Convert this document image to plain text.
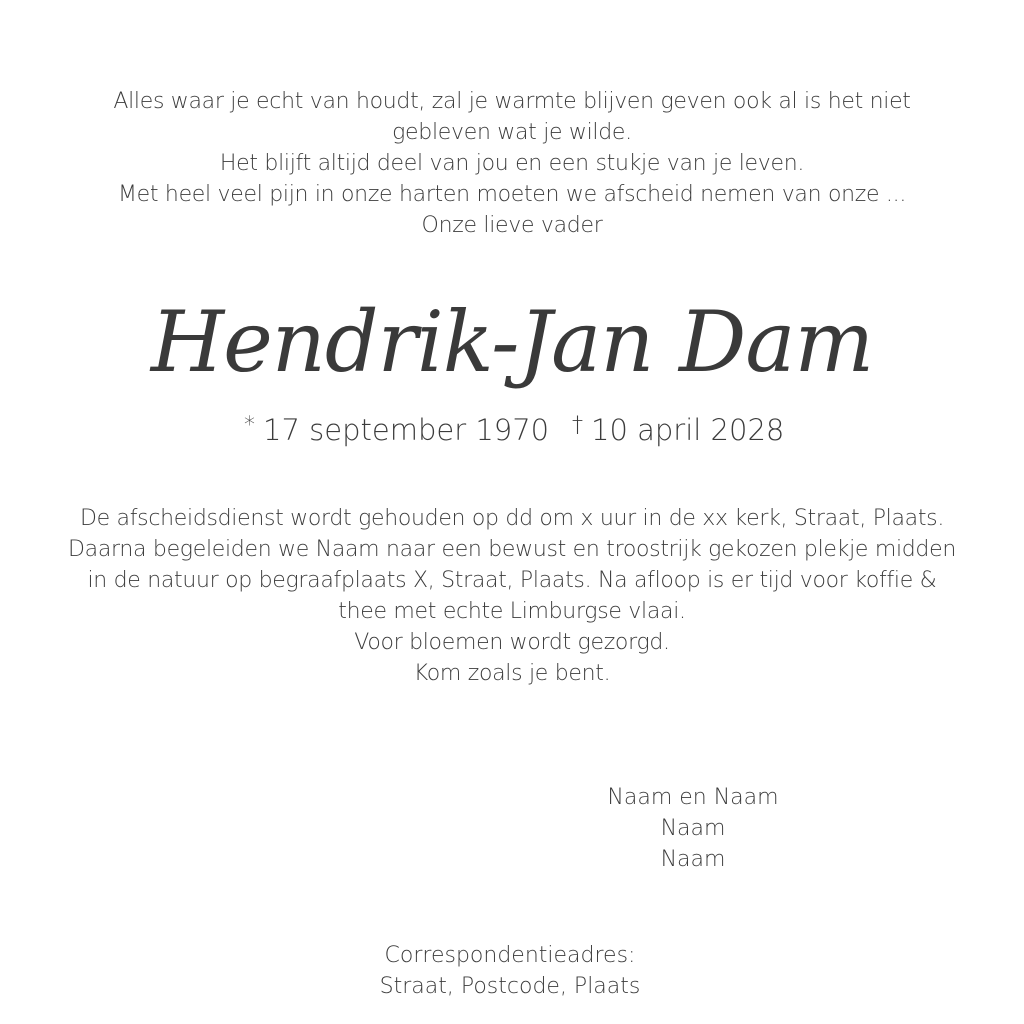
Alles waar je echt van houdt, zal je warmte blijven geven ook al is het niet
gebleven wat je wilde.
Het blijft altijd deel van jou en een stukje van je leven.
Met heel veel pijn in onze harten moeten we afscheid nemen van onze ...
Onze lieve vader
Hendrik-Jan Dam
* 17 september 1970 † 10 april 2028
De afscheidsdienst wordt gehouden op dd om x uur in de xx kerk, Straat, Plaats.
Daarna begeleiden we Naam naar een bewust en troostrijk gekozen plekje midden
in de natuur op begraafplaats X, Straat, Plaats. Na afloop is er tijd voor koffie &
thee met echte Limburgse vlaai.
Voor bloemen wordt gezorgd.
Kom zoals je bent.
Naam en Naam
Naam
Naam
Correspondentieadres:
Straat, Postcode, Plaats
